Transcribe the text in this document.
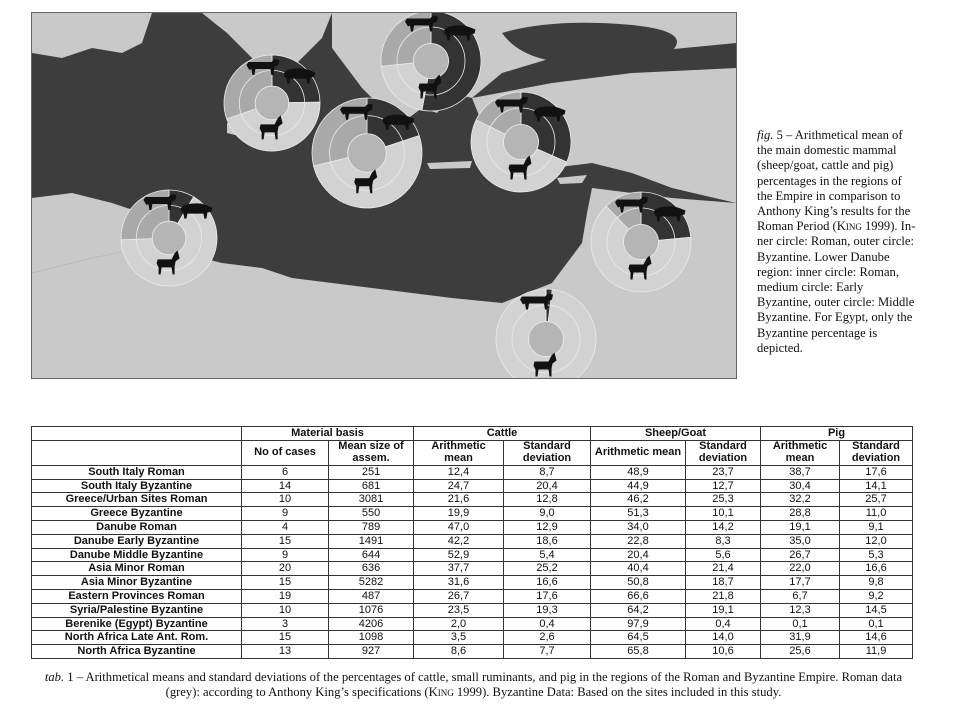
fig. 5 – Arithmetical mean of the main domestic mammal (sheep/goat, cattle and pig) percentages in the regions of the Empire in comparison to Anthony King’s results for the Roman Period (King 1999). Inner circle: Roman, outer circle: Byzantine. Lower Danube region: inner circle: Roman, medium circle: Early Byzantine, outer circle: Middle Byzantine. For Egypt, only the Byzantine percentage is depicted.
	Material basis		Cattle		Sheep/Goat		Pig	
	No of cases	Mean size of assem.	Arithmetic mean	Standard deviation	Arithmetic mean	Standard deviation	Arithmetic mean	Standard deviation
South Italy Roman	6	251	12,4	8,7	48,9	23,7	38,7	17,6
South Italy Byzantine	14	681	24,7	20,4	44,9	12,7	30,4	14,1
Greece/Urban Sites Roman	10	3081	21,6	12,8	46,2	25,3	32,2	25,7
Greece Byzantine	9	550	19,9	9,0	51,3	10,1	28,8	11,0
Danube Roman	4	789	47,0	12,9	34,0	14,2	19,1	9,1
Danube Early Byzantine	15	1491	42,2	18,6	22,8	8,3	35,0	12,0
Danube Middle Byzantine	9	644	52,9	5,4	20,4	5,6	26,7	5,3
Asia Minor Roman	20	636	37,7	25,2	40,4	21,4	22,0	16,6
Asia Minor Byzantine	15	5282	31,6	16,6	50,8	18,7	17,7	9,8
Eastern Provinces Roman	19	487	26,7	17,6	66,6	21,8	6,7	9,2
Syria/Palestine Byzantine	10	1076	23,5	19,3	64,2	19,1	12,3	14,5
Berenike (Egypt) Byzantine	3	4206	2,0	0,4	97,9	0,4	0,1	0,1
North Africa Late Ant. Rom.	15	1098	3,5	2,6	64,5	14,0	31,9	14,6
North Africa Byzantine	13	927	8,6	7,7	65,8	10,6	25,6	11,9
tab. 1 – Arithmetical means and standard deviations of the percentages of cattle, small ruminants, and pig in the regions of the Roman and Byzantine Empire. Roman data (grey): according to Anthony King’s specifications (King 1999). Byzantine Data: Based on the sites included in this study.
